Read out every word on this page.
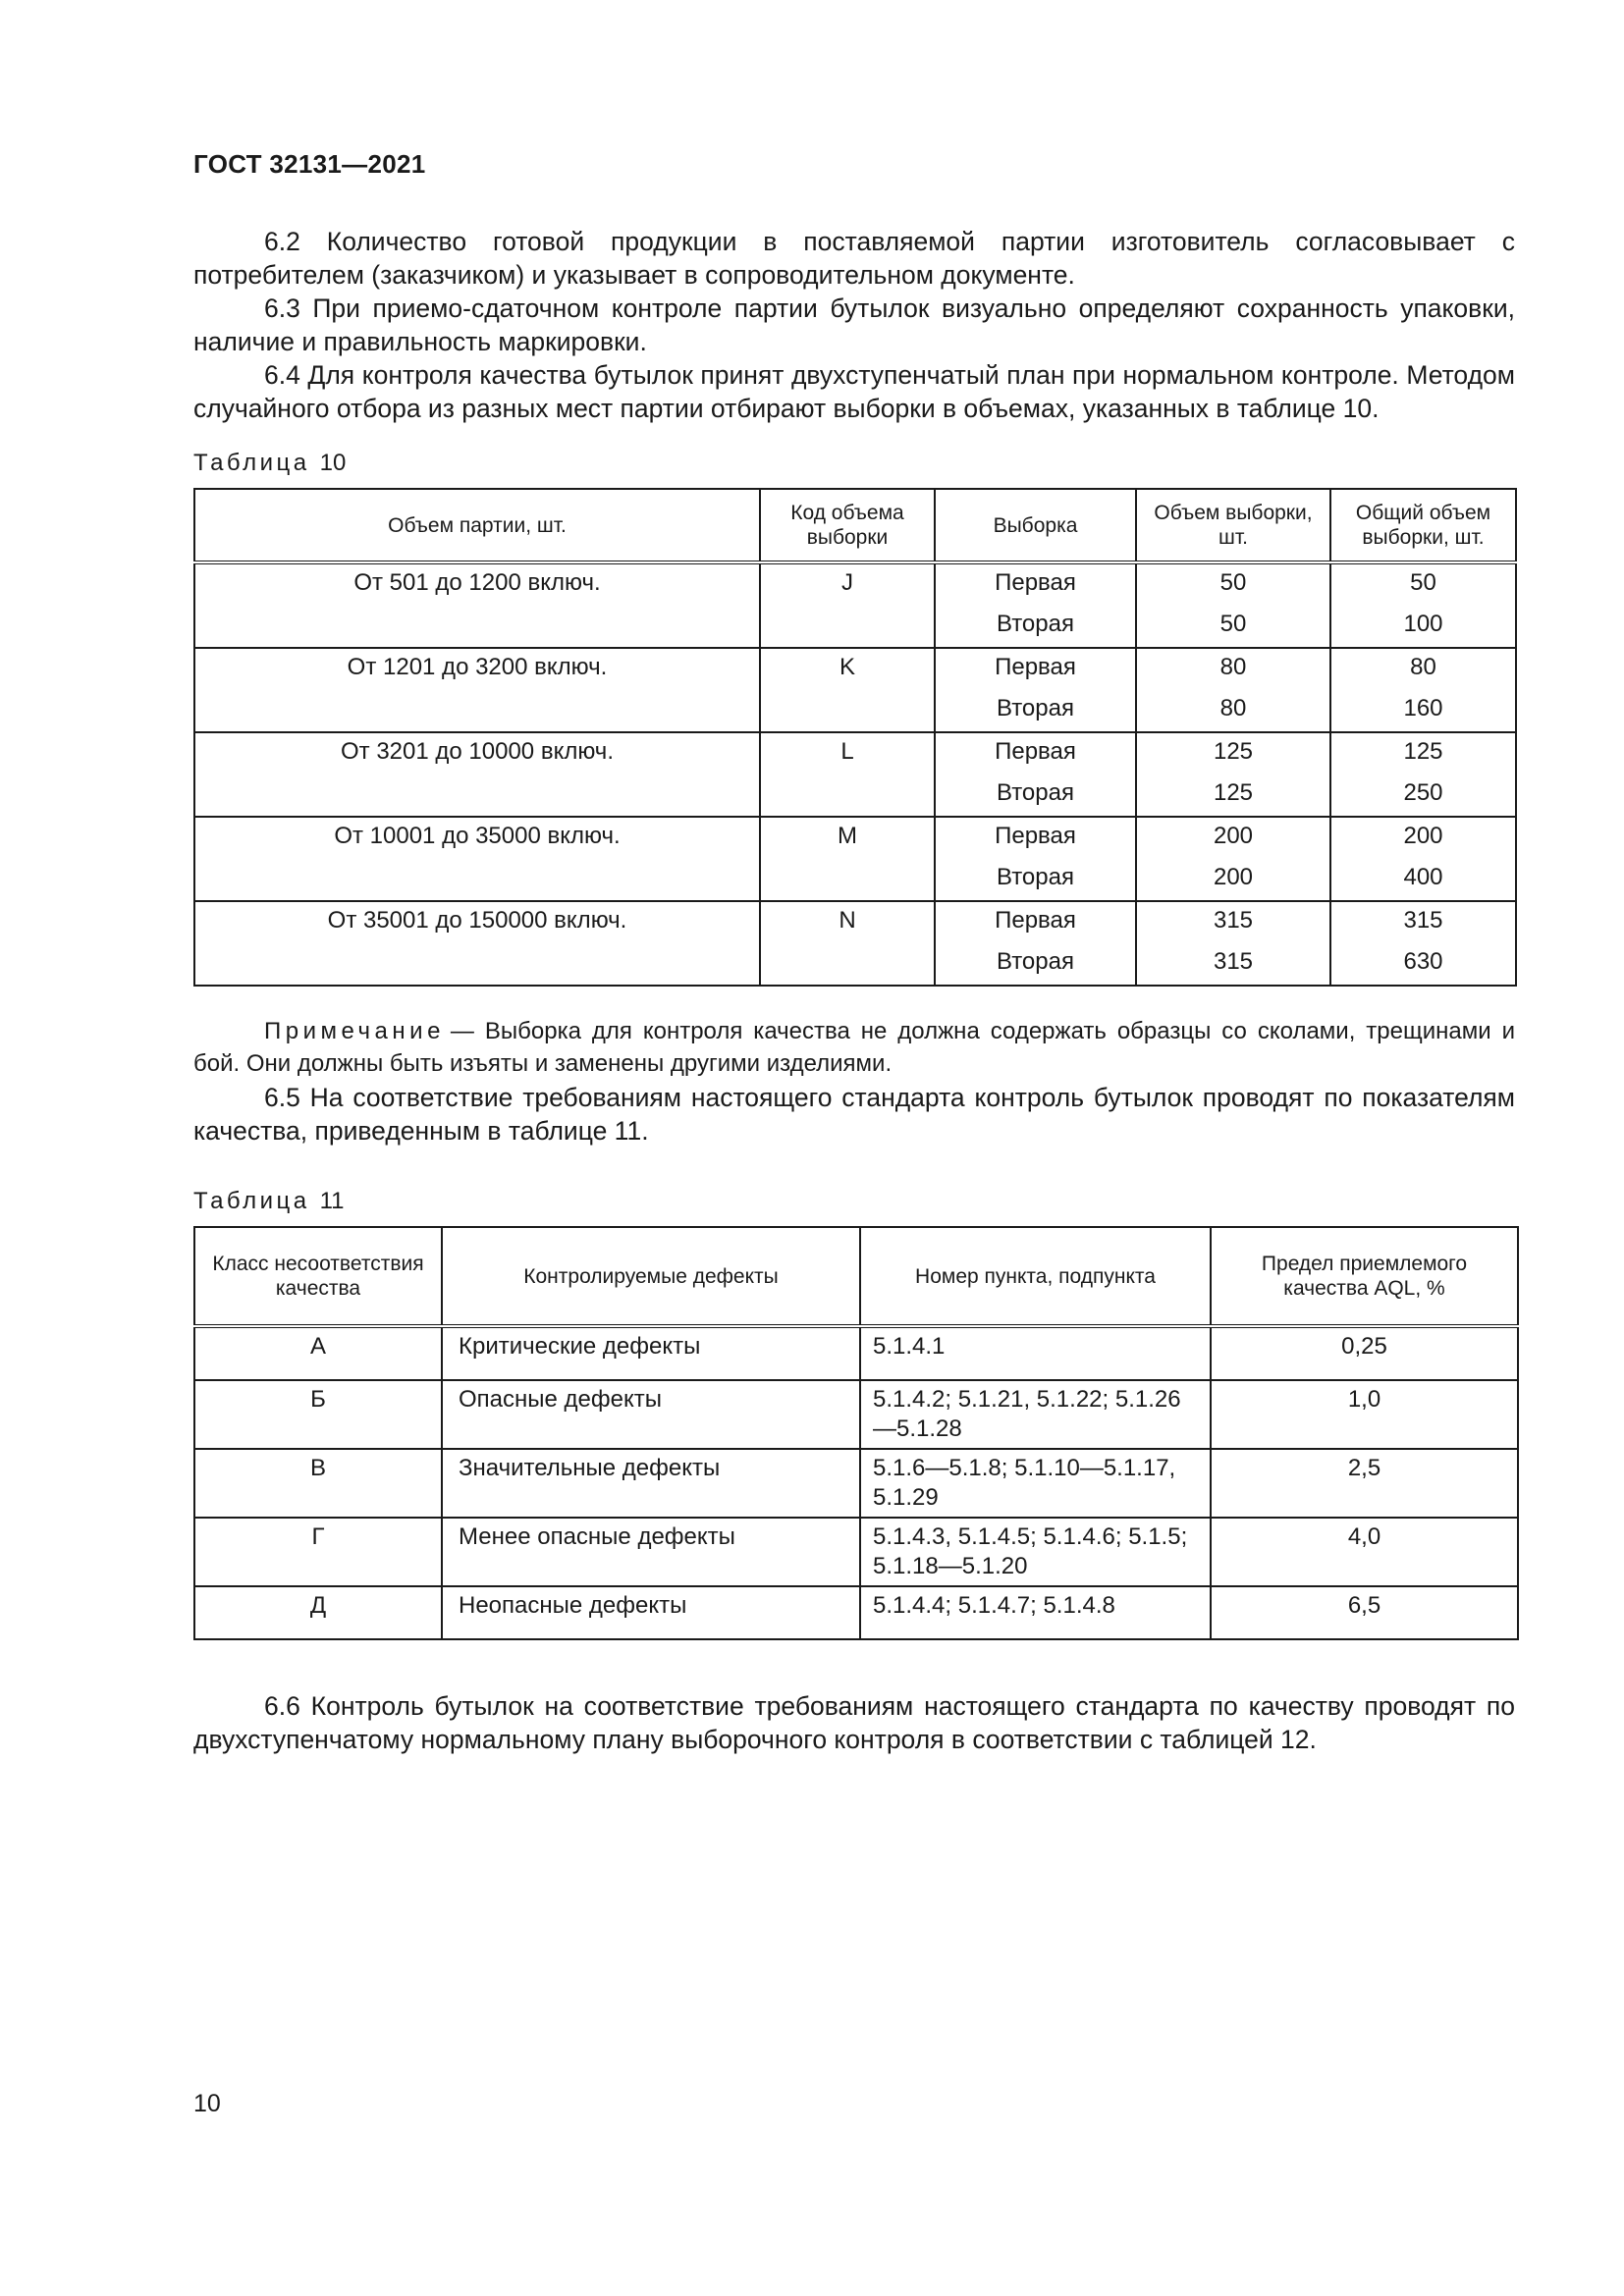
ГОСТ 32131—2021

6.2 Количество готовой продукции в поставляемой партии изготовитель согласовывает с потребителем (заказчиком) и указывает в сопроводительном документе.

6.3 При приемо-сдаточном контроле партии бутылок визуально определяют сохранность упаковки, наличие и правильность маркировки.

6.4 Для контроля качества бутылок принят двухступенчатый план при нормальном контроле. Методом случайного отбора из разных мест партии отбирают выборки в объемах, указанных в таблице 10.

Таблица 10
Объем партии, шт.	Код объема выборки	Выборка	Объем выборки, шт.	Общий объем выборки, шт.
От 501 до 1200 включ.	J	Первая	50	50
		Вторая	50	100
От 1201 до 3200 включ.	K	Первая	80	80
		Вторая	80	160
От 3201 до 10000 включ.	L	Первая	125	125
		Вторая	125	250
От 10001 до 35000 включ.	M	Первая	200	200
		Вторая	200	400
От 35001 до 150000 включ.	N	Первая	315	315
		Вторая	315	630

Примечание — Выборка для контроля качества не должна содержать образцы со сколами, трещинами и бой. Они должны быть изъяты и заменены другими изделиями.

6.5 На соответствие требованиям настоящего стандарта контроль бутылок проводят по показателям качества, приведенным в таблице 11.

Таблица 11
Класс несоответствия качества	Контролируемые дефекты	Номер пункта, подпункта	Предел приемлемого качества AQL, %
А	Критические дефекты	5.1.4.1	0,25
Б	Опасные дефекты	5.1.4.2; 5.1.21, 5.1.22; 5.1.26—5.1.28	1,0
В	Значительные дефекты	5.1.6—5.1.8; 5.1.10—5.1.17, 5.1.29	2,5
Г	Менее опасные дефекты	5.1.4.3, 5.1.4.5; 5.1.4.6; 5.1.5; 5.1.18—5.1.20	4,0
Д	Неопасные дефекты	5.1.4.4; 5.1.4.7; 5.1.4.8	6,5

6.6 Контроль бутылок на соответствие требованиям настоящего стандарта по качеству проводят по двухступенчатому нормальному плану выборочного контроля в соответствии с таблицей 12.

10
